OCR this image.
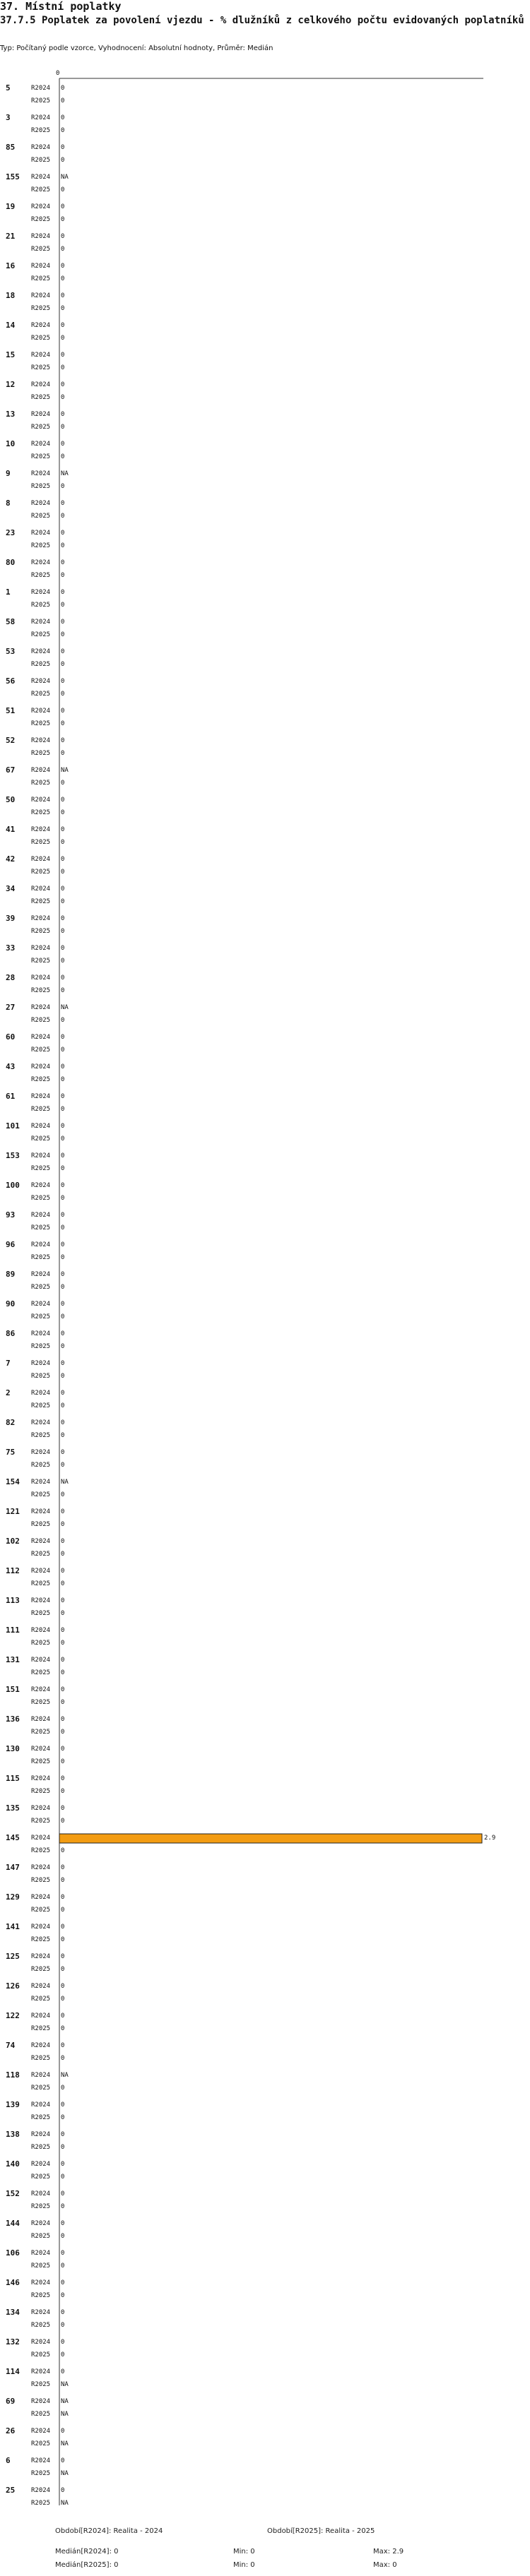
37. Místní poplatky
37.7.5 Poplatek za povolení vjezdu - % dlužníků z celkového počtu evidovaných poplatníků
Typ: Počítaný podle vzorce, Vyhodnocení: Absolutní hodnoty, Průměr: Medián
0
5	R2024 0
R2025 0
3	R2024 0
R2025 0
85	R2024 0
R2025 0
155 R2024 NA
R2025 0
19	R2024 0
R2025 0
21	R2024 0
R2025 0
16	R2024 0
R2025 0
18	R2024 0
R2025 0
14	R2024 0
R2025 0
15	R2024 0
R2025 0
12	R2024 0
R2025 0
13	R2024 0
R2025 0
10	R2024 0
R2025 0
9	R2024 NA
R2025 0
8	R2024 0
R2025 0
23	R2024 0
R2025 0
80	R2024 0
R2025 0
1	R2024 0
R2025 0
58	R2024 0
R2025 0
53	R2024 0
R2025 0
56	R2024 0
R2025 0
51	R2024 0
R2025 0
52	R2024 0
R2025 0
67	R2024 NA
R2025 0
50	R2024 0
R2025 0
41	R2024 0
R2025 0
42	R2024 0
R2025 0
34	R2024 0
R2025 0
39	R2024 0
R2025 0
33	R2024 0
R2025 0
28	R2024 0
R2025 0
27	R2024 NA
R2025 0
60	R2024 0
R2025 0
43	R2024 0
R2025 0
61	R2024 0
R2025 0
101 R2024 0
R2025 0
153 R2024 0
R2025 0
100 R2024 0
R2025 0
93	R2024 0
R2025 0
96	R2024 0
R2025 0
89	R2024 0
R2025 0
90	R2024 0
R2025 0
86	R2024 0
R2025 0
7	R2024 0
R2025 0
2	R2024 0
R2025 0
82	R2024 0
R2025 0
75	R2024 0
R2025 0
154 R2024 NA
R2025 0
121 R2024 0
R2025 0
102 R2024 0
R2025 0
112 R2024 0
R2025 0
113 R2024 0
R2025 0
111 R2024 0
R2025 0
131 R2024 0
R2025 0
151 R2024 0
R2025 0
136 R2024 0
R2025 0
130 R2024 0
R2025 0
115 R2024 0
R2025 0
135 R2024 0
R2025 0
145 R2024	2.9
R2025 0
147 R2024 0
R2025 0
129 R2024 0
R2025 0
141 R2024 0
R2025 0
125 R2024 0
R2025 0
126 R2024 0
R2025 0
122 R2024 0
R2025 0
74	R2024 0
R2025 0
118 R2024 NA
R2025 0
139 R2024 0
R2025 0
138 R2024 0
R2025 0
140 R2024 0
R2025 0
152 R2024 0
R2025 0
144 R2024 0
R2025 0
106 R2024 0
R2025 0
146 R2024 0
R2025 0
134 R2024 0
R2025 0
132 R2024 0
R2025 0
114 R2024 0
R2025 NA
69	R2024 NA
R2025 NA
26	R2024 0
R2025 NA
6	R2024 0
R2025 NA
25	R2024 0
R2025 NA
Období[R2024]: Realita - 2024	Období[R2025]: Realita - 2025
Medián[R2024]: 0	Min: 0	Max: 2.9
Medián[R2025]: 0	Min: 0	Max: 0
